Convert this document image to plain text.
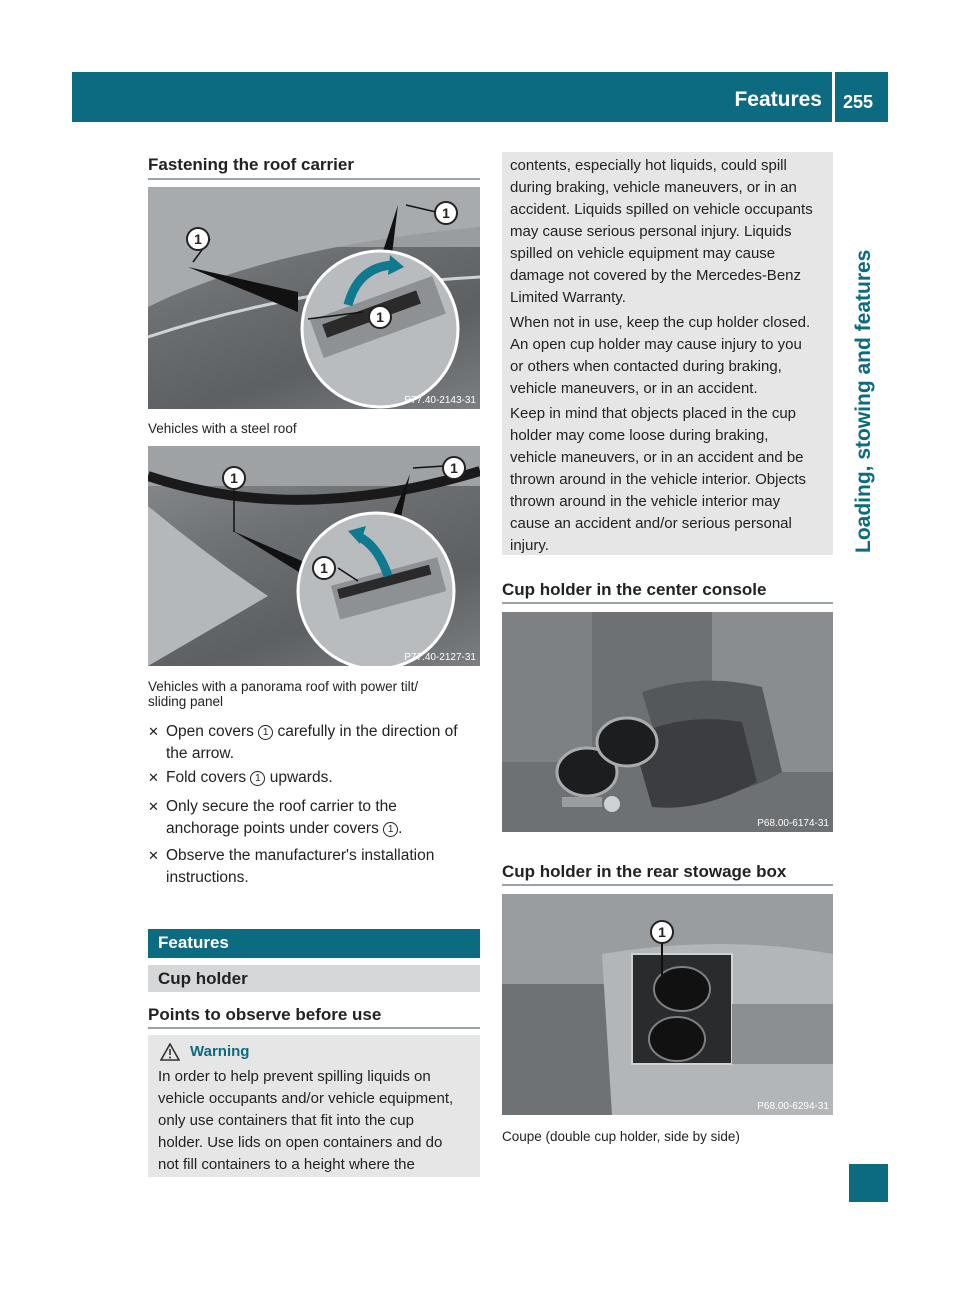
Features 255
Loading, stowing and features
Fastening the roof carrier
1
1
1
P77.40-2143-31
Vehicles with a steel roof
1
1
1
P77.40-2127-31
Vehicles with a panorama roof with power tilt/
sliding panel
✕ Open covers 1 carefully in the direction of
the arrow.
✕ Fold covers 1 upwards.
✕ Only secure the roof carrier to the
anchorage points under covers 1 .
✕ Observe the manufacturer's installation
instructions.
Features
Cup holder
Points to observe before use
Warning
In order to help prevent spilling liquids on
vehicle occupants and/or vehicle equipment,
only use containers that fit into the cup
holder. Use lids on open containers and do
not fill containers to a height where the
contents, especially hot liquids, could spill
during braking, vehicle maneuvers, or in an
accident. Liquids spilled on vehicle occupants
may cause serious personal injury. Liquids
spilled on vehicle equipment may cause
damage not covered by the Mercedes-Benz
Limited Warranty.
When not in use, keep the cup holder closed.
An open cup holder may cause injury to you
or others when contacted during braking,
vehicle maneuvers, or in an accident.
Keep in mind that objects placed in the cup
holder may come loose during braking,
vehicle maneuvers, or in an accident and be
thrown around in the vehicle interior. Objects
thrown around in the vehicle interior may
cause an accident and/or serious personal
injury.
Cup holder in the center console
P68.00-6174-31
Cup holder in the rear stowage box
1
P68.00-6294-31
Coupe (double cup holder, side by side)
